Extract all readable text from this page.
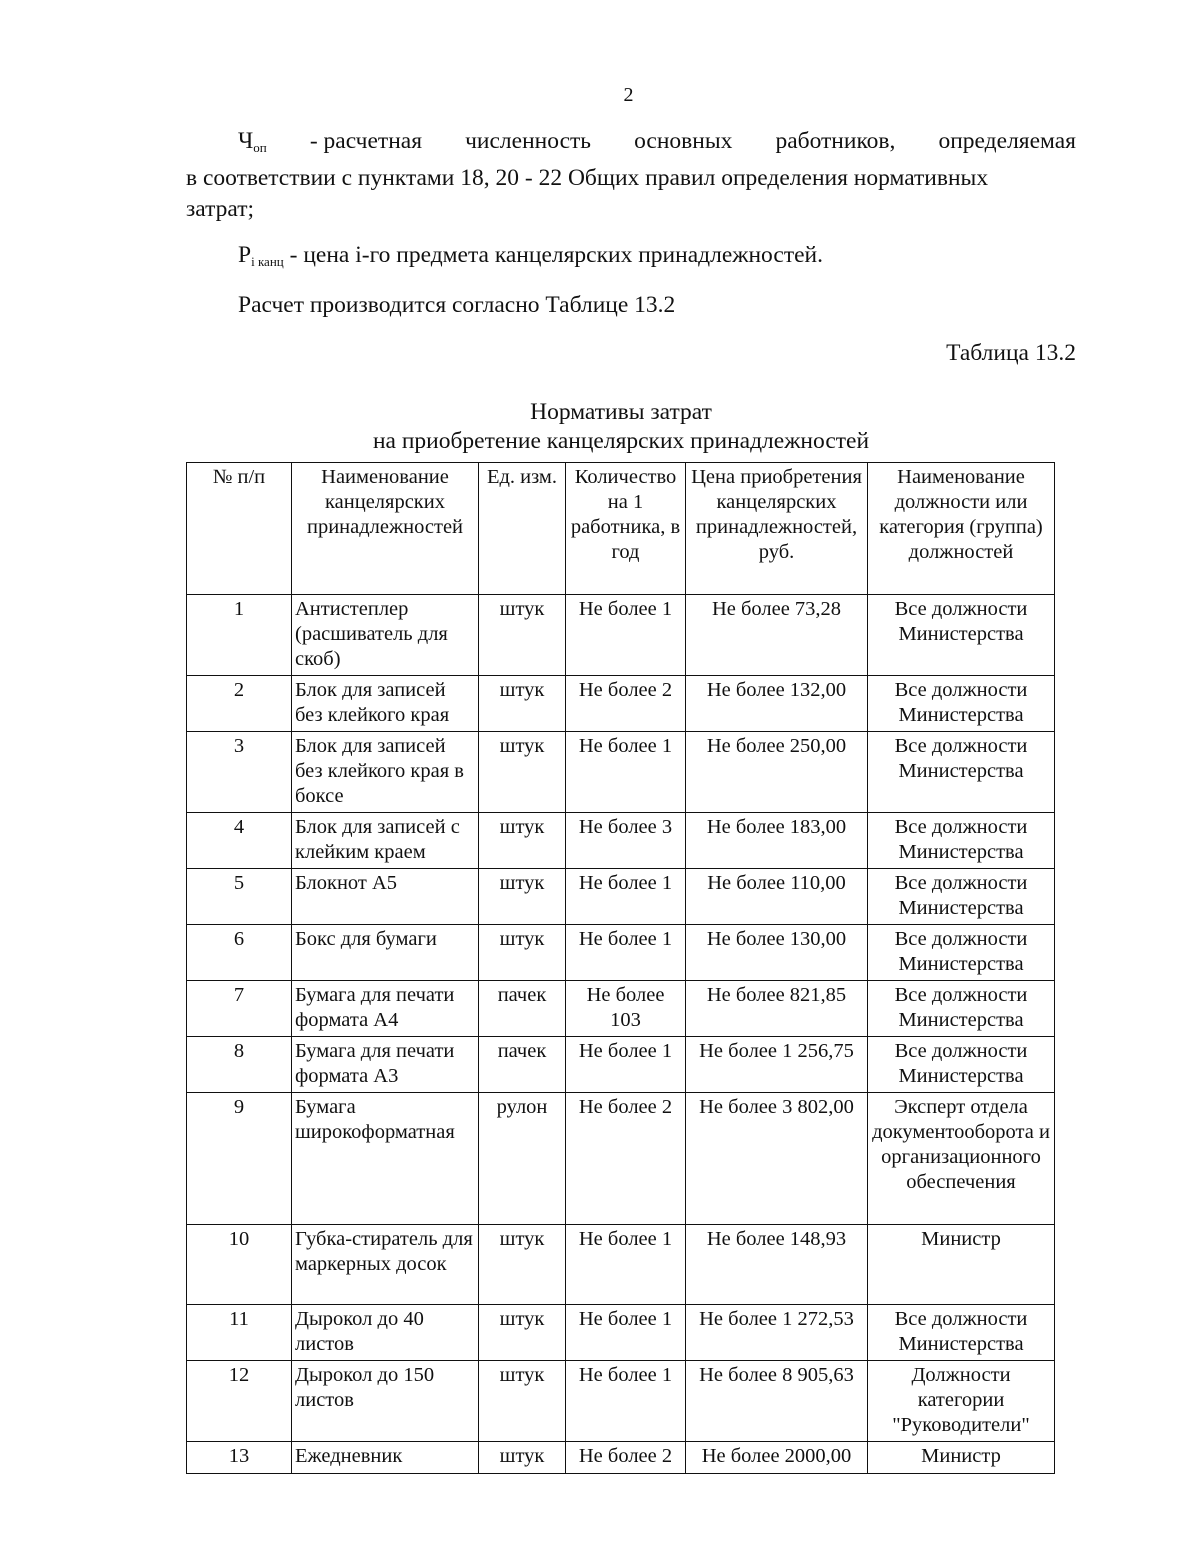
2
$Ч_{оп}$ - расчетная численность основных работников, определяемая
в соответствии с пунктами 18, 20 - 22 Общих правил определения нормативных
затрат;
$P_{i канц}$ - цена i-го предмета канцелярских принадлежностей.
Расчет производится согласно Таблице 13.2
Таблица 13.2
Нормативы затрат
на приобретение канцелярских принадлежностей
№ п/п	Наименование канцелярских принадлежностей	Ед. изм.	Количество на 1 работника, в год	Цена приобретения канцелярских принадлежностей, руб.	Наименование должности или категория (группа) должностей
1	Антистеплер (расшиватель для скоб)	штук	Не более 1	Не более 73,28	Все должности Министерства
2	Блок для записей без клейкого края	штук	Не более 2	Не более 132,00	Все должности Министерства
3	Блок для записей без клейкого края в боксе	штук	Не более 1	Не более 250,00	Все должности Министерства
4	Блок для записей с клейким краем	штук	Не более 3	Не более 183,00	Все должности Министерства
5	Блокнот А5	штук	Не более 1	Не более 110,00	Все должности Министерства
6	Бокс для бумаги	штук	Не более 1	Не более 130,00	Все должности Министерства
7	Бумага для печати формата А4	пачек	Не более 103	Не более 821,85	Все должности Министерства
8	Бумага для печати формата А3	пачек	Не более 1	Не более 1 256,75	Все должности Министерства
9	Бумага широкоформатная	рулон	Не более 2	Не более 3 802,00	Эксперт отдела документооборота и организационного обеспечения
10	Губка-стиратель для маркерных досок	штук	Не более 1	Не более 148,93	Министр
11	Дырокол до 40 листов	штук	Не более 1	Не более 1 272,53	Все должности Министерства
12	Дырокол до 150 листов	штук	Не более 1	Не более 8 905,63	Должности категории "Руководители"
13	Ежедневник	штук	Не более 2	Не более 2000,00	Министр
